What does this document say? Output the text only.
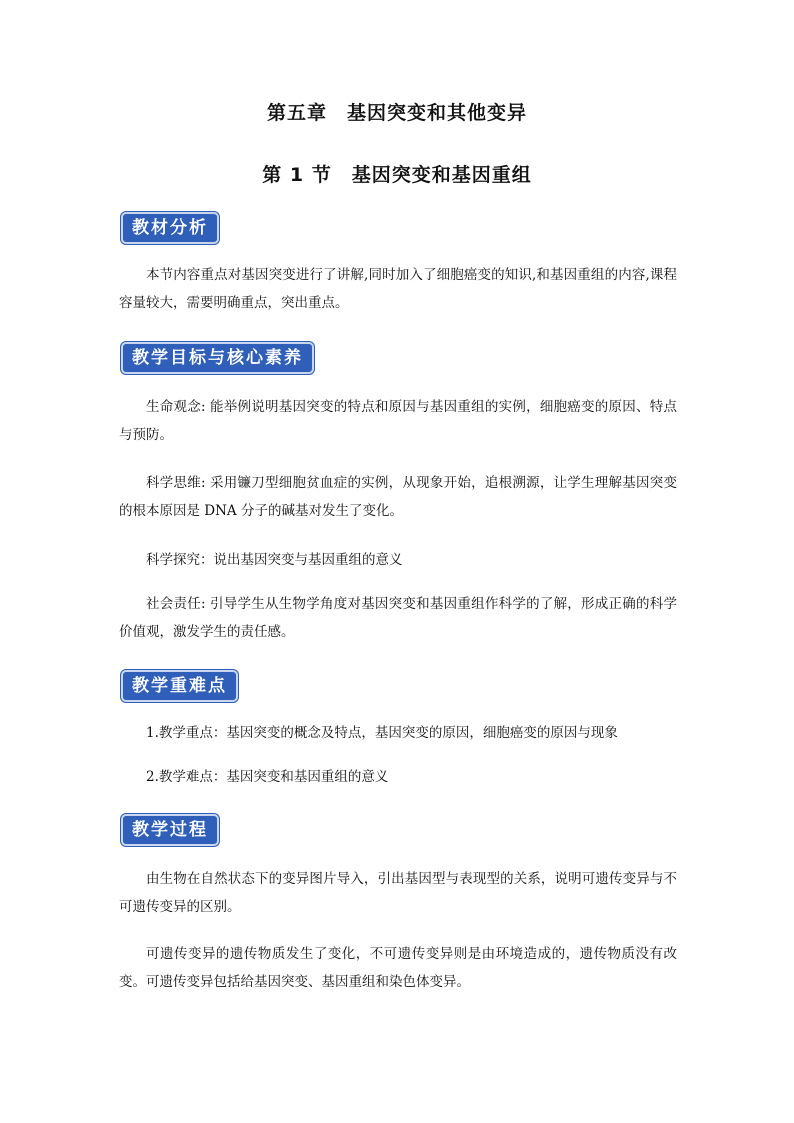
第五章　基因突变和其他变异
第 1 节　基因突变和基因重组
教材分析
本节内容重点对基因突变进行了讲解,同时加入了细胞癌变的知识,和基因重组的内容,课程容量较大，需要明确重点，突出重点。
教学目标与核心素养
生命观念: 能举例说明基因突变的特点和原因与基因重组的实例，细胞癌变的原因、特点与预防。
科学思维: 采用镰刀型细胞贫血症的实例，从现象开始，追根溯源，让学生理解基因突变的根本原因是 DNA 分子的碱基对发生了变化。
科学探究：说出基因突变与基因重组的意义
社会责任: 引导学生从生物学角度对基因突变和基因重组作科学的了解，形成正确的科学价值观，激发学生的责任感。
教学重难点
1.教学重点：基因突变的概念及特点，基因突变的原因，细胞癌变的原因与现象
2.教学难点：基因突变和基因重组的意义
教学过程
由生物在自然状态下的变异图片导入，引出基因型与表现型的关系，说明可遗传变异与不可遗传变异的区别。
可遗传变异的遗传物质发生了变化，不可遗传变异则是由环境造成的，遗传物质没有改变。可遗传变异包括给基因突变、基因重组和染色体变异。
